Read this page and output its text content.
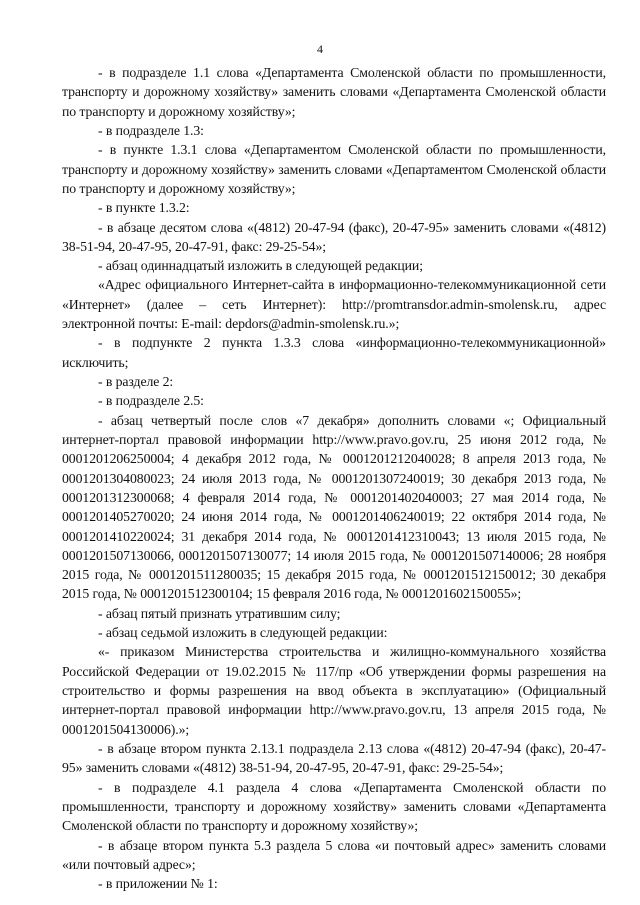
4

- в подразделе 1.1 слова «Департамента Смоленской области по промышленности, транспорту и дорожному хозяйству» заменить словами «Департамента Смоленской области по транспорту и дорожному хозяйству»;

- в подразделе 1.3:

- в пункте 1.3.1 слова «Департаментом Смоленской области по промышленности, транспорту и дорожному хозяйству» заменить словами «Департаментом Смоленской области по транспорту и дорожному хозяйству»;

- в пункте 1.3.2:

- в абзаце десятом слова «(4812) 20-47-94 (факс), 20-47-95» заменить словами «(4812) 38-51-94, 20-47-95, 20-47-91, факс: 29-25-54»;

- абзац одиннадцатый изложить в следующей редакции;

«Адрес официального Интернет-сайта в информационно-телекоммуникационной сети «Интернет» (далее – сеть Интернет): http://promtransdor.admin-smolensk.ru, адрес электронной почты: E-mail: depdors@admin-smolensk.ru.»;

- в подпункте 2 пункта 1.3.3 слова «информационно-телекоммуникационной» исключить;

- в разделе 2:

- в подразделе 2.5:

- абзац четвертый после слов «7 декабря» дополнить словами «; Официальный интернет-портал правовой информации http://www.pravo.gov.ru, 25 июня 2012 года, № 0001201206250004; 4 декабря 2012 года, № 0001201212040028; 8 апреля 2013 года, № 0001201304080023; 24 июля 2013 года, № 0001201307240019; 30 декабря 2013 года, № 0001201312300068; 4 февраля 2014 года, № 0001201402040003; 27 мая 2014 года, № 0001201405270020; 24 июня 2014 года, № 0001201406240019; 22 октября 2014 года, № 0001201410220024; 31 декабря 2014 года, № 0001201412310043; 13 июля 2015 года, № 0001201507130066, 0001201507130077; 14 июля 2015 года, № 0001201507140006; 28 ноября 2015 года, № 0001201511280035; 15 декабря 2015 года, № 0001201512150012; 30 декабря 2015 года, № 0001201512300104; 15 февраля 2016 года, № 0001201602150055»;

- абзац пятый признать утратившим силу;

- абзац седьмой изложить в следующей редакции:

«- приказом Министерства строительства и жилищно-коммунального хозяйства Российской Федерации от 19.02.2015 № 117/пр «Об утверждении формы разрешения на строительство и формы разрешения на ввод объекта в эксплуатацию» (Официальный интернет-портал правовой информации http://www.pravo.gov.ru, 13 апреля 2015 года, № 0001201504130006).»;

- в абзаце втором пункта 2.13.1 подраздела 2.13 слова «(4812) 20-47-94 (факс), 20-47-95» заменить словами «(4812) 38-51-94, 20-47-95, 20-47-91, факс: 29-25-54»;

- в подразделе 4.1 раздела 4 слова «Департамента Смоленской области по промышленности, транспорту и дорожному хозяйству» заменить словами «Департамента Смоленской области по транспорту и дорожному хозяйству»;

- в абзаце втором пункта 5.3 раздела 5 слова «и почтовый адрес» заменить словами «или почтовый адрес»;

- в приложении № 1:
